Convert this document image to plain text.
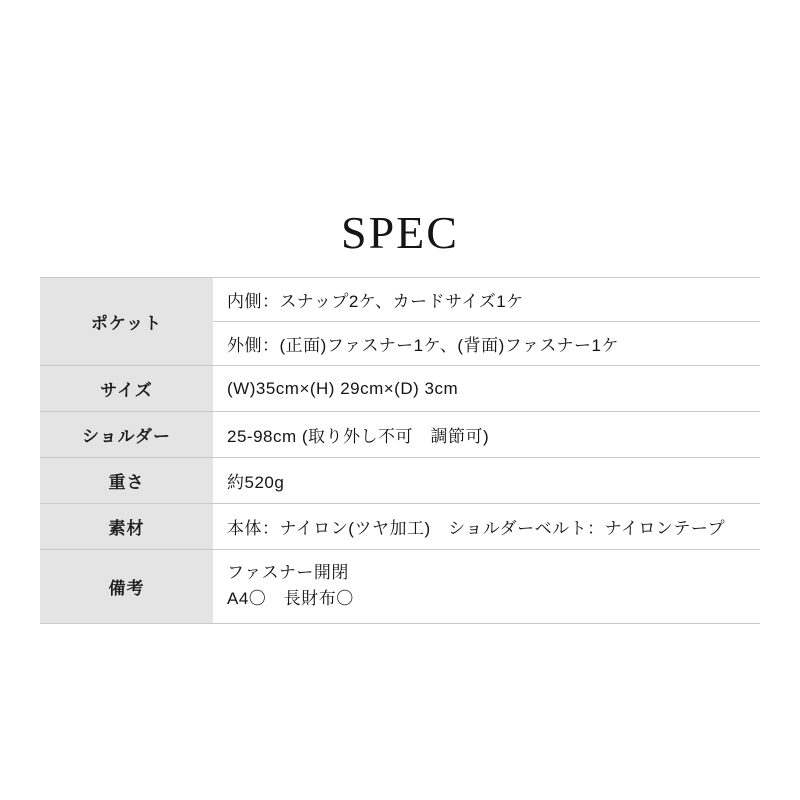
SPEC
ポケット	内側：スナップ2ケ、カードサイズ1ケ
	外側：(正面)ファスナー1ケ、(背面)ファスナー1ケ
サイズ	(W)35cm×(H) 29cm×(D) 3cm
ショルダー	25-98cm (取り外し不可　調節可)
重さ	約520g
素材	本体：ナイロン(ツヤ加工)　ショルダーベルト：ナイロンテープ
備考	ファスナー開閉
A4〇　長財布〇
